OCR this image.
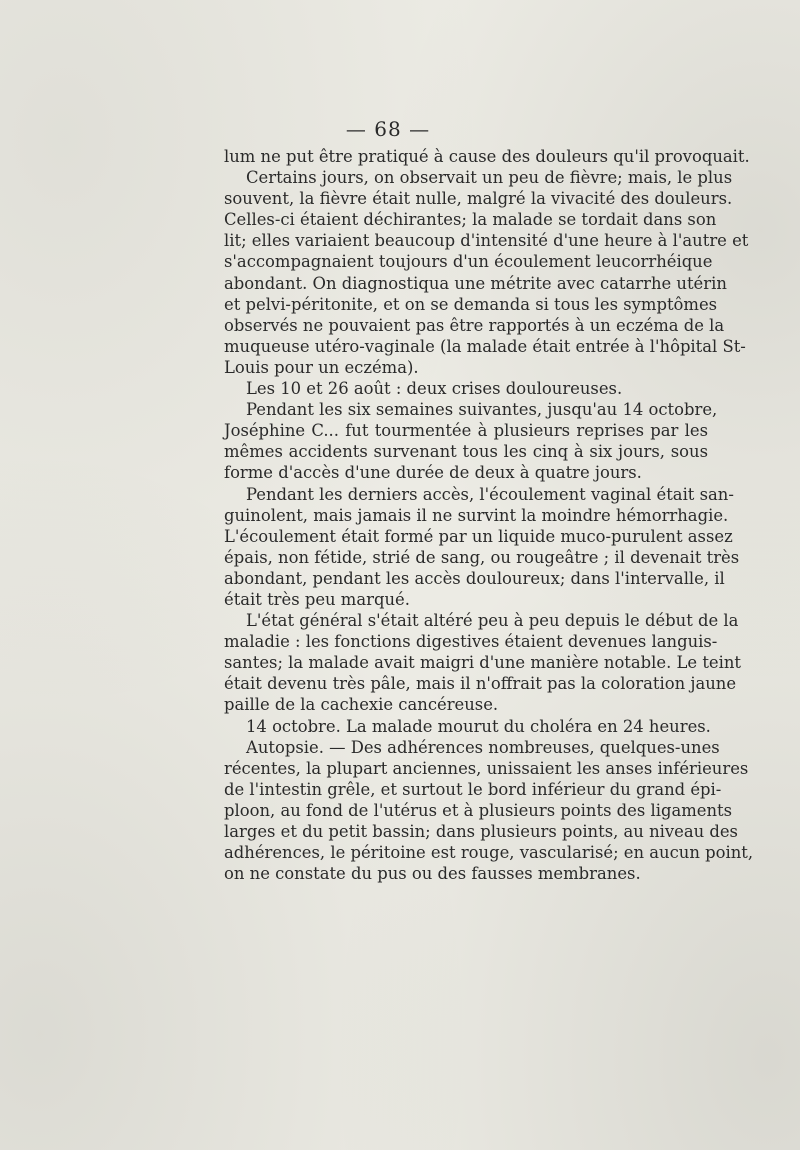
— 68 —
lum ne put être pratiqué à cause des douleurs qu'il provoquait.
Certains jours, on observait un peu de fièvre; mais, le plus
souvent, la fièvre était nulle, malgré la vivacité des douleurs.
Celles-ci étaient déchirantes; la malade se tordait dans son
lit; elles variaient beaucoup d'intensité d'une heure à l'autre et
s'accompagnaient toujours d'un écoulement leucorrhéique
abondant. On diagnostiqua une métrite avec catarrhe utérin
et pelvi-péritonite, et on se demanda si tous les symptômes
observés ne pouvaient pas être rapportés à un eczéma de la
muqueuse utéro-vaginale (la malade était entrée à l'hôpital St-
Louis pour un eczéma).
Les 10 et 26 août : deux crises douloureuses.
Pendant les six semaines suivantes, jusqu'au 14 octobre,
Joséphine C... fut tourmentée à plusieurs reprises par les
mêmes accidents survenant tous les cinq à six jours, sous
forme d'accès d'une durée de deux à quatre jours.
Pendant les derniers accès, l'écoulement vaginal était san-
guinolent, mais jamais il ne survint la moindre hémorrhagie.
L'écoulement était formé par un liquide muco-purulent assez
épais, non fétide, strié de sang, ou rougeâtre ; il devenait très
abondant, pendant les accès douloureux; dans l'intervalle, il
était très peu marqué.
L'état général s'était altéré peu à peu depuis le début de la
maladie : les fonctions digestives étaient devenues languis-
santes; la malade avait maigri d'une manière notable. Le teint
était devenu très pâle, mais il n'offrait pas la coloration jaune
paille de la cachexie cancéreuse.
14 octobre. La malade mourut du choléra en 24 heures.
Autopsie. — Des adhérences nombreuses, quelques-unes
récentes, la plupart anciennes, unissaient les anses inférieures
de l'intestin grêle, et surtout le bord inférieur du grand épi-
ploon, au fond de l'utérus et à plusieurs points des ligaments
larges et du petit bassin; dans plusieurs points, au niveau des
adhérences, le péritoine est rouge, vascularisé; en aucun point,
on ne constate du pus ou des fausses membranes.
